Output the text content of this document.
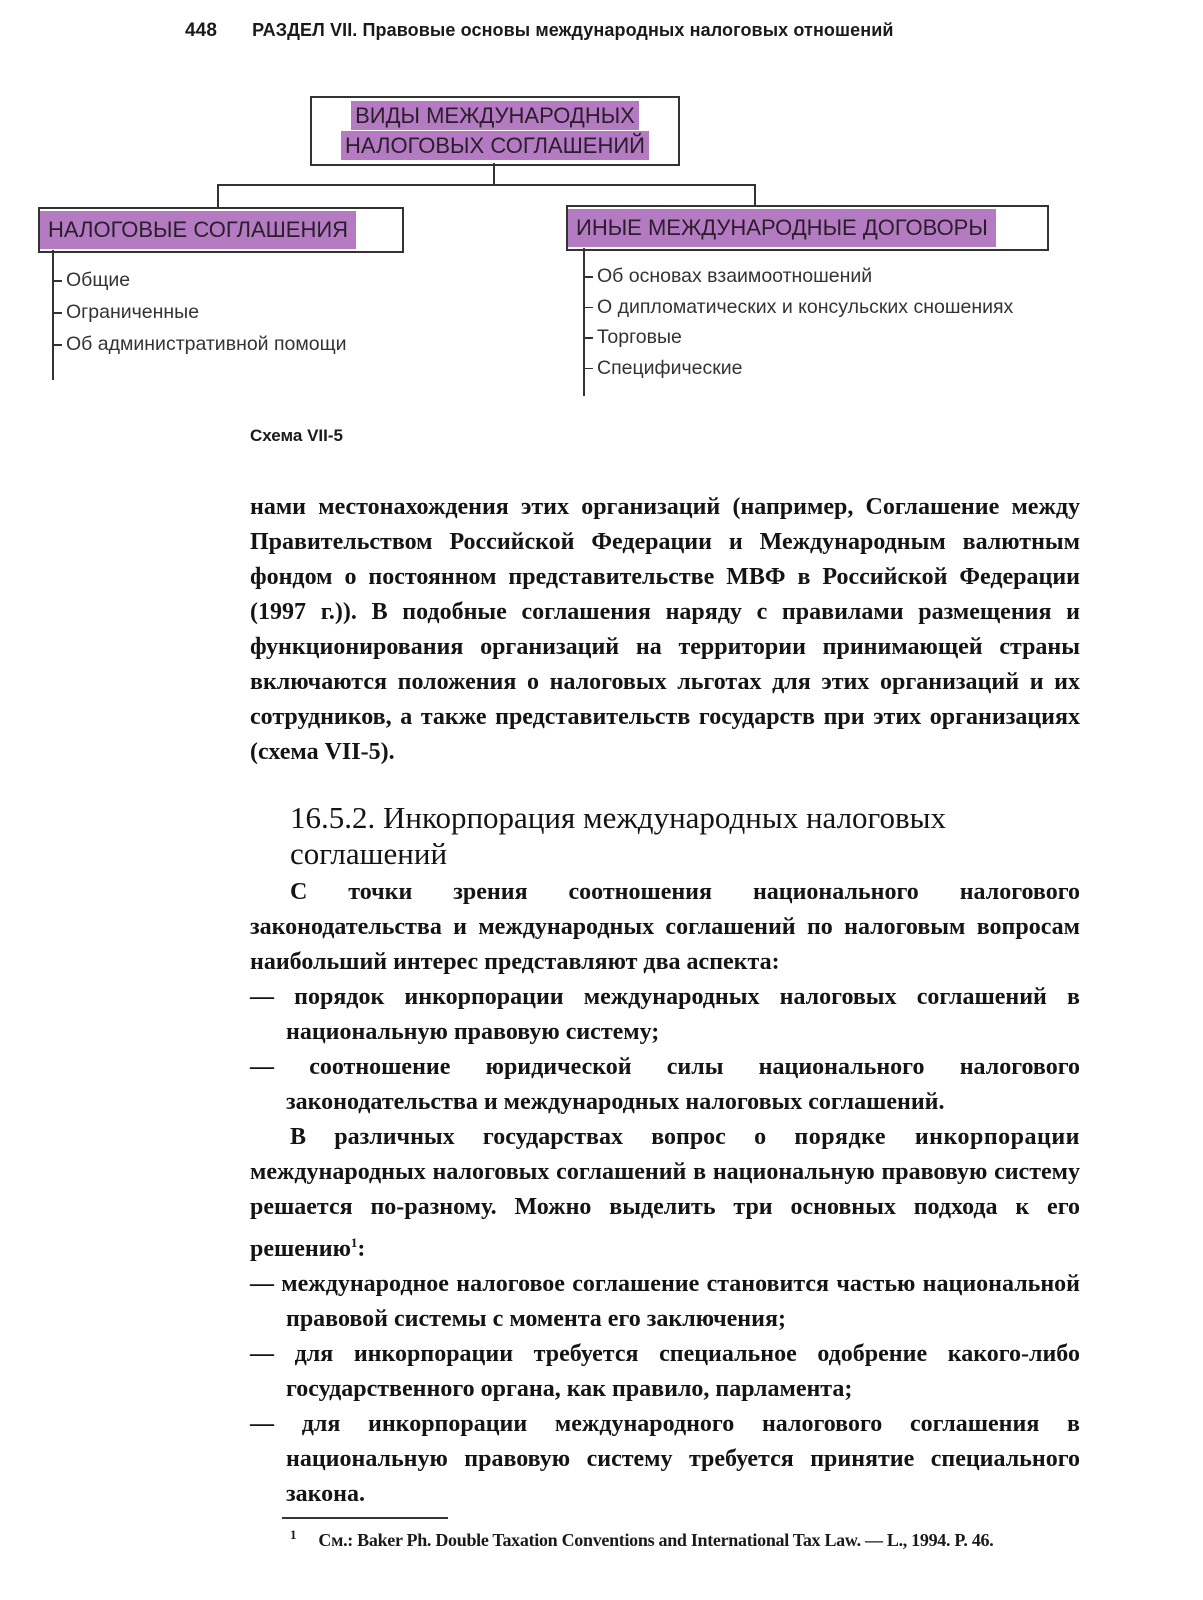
448 РАЗДЕЛ VII. Правовые основы международных налоговых отношений
ВИДЫ МЕЖДУНАРОДНЫХ
НАЛОГОВЫХ СОГЛАШЕНИЙ
НАЛОГОВЫЕ СОГЛАШЕНИЯ	ИНЫЕ МЕЖДУНАРОДНЫЕ ДОГОВОРЫ
Общие
Ограниченные
Об административной помощи
Об основах взаимоотношений
О дипломатических и консульских сношениях
Торговые
Специфические
Схема VII-5

нами местонахождения этих организаций (например, Соглашение между Правительством Российской Федерации и Международным валютным фондом о постоянном представительстве МВФ в Российской Федерации (1997 г.)). В подобные соглашения наряду с правилами размещения и функционирования организаций на территории принимающей страны включаются положения о налоговых льготах для этих организаций и их сотрудников, а также представительств государств при этих организациях (схема VII-5).

16.5.2. Инкорпорация международных налоговых соглашений

С точки зрения соотношения национального налогового законодательства и международных соглашений по налоговым вопросам наибольший интерес представляют два аспекта:

— порядок инкорпорации международных налоговых соглашений в национальную правовую систему;

— соотношение юридической силы национального налогового законодательства и международных налоговых соглашений.

В различных государствах вопрос о порядке инкорпорации международных налоговых соглашений в национальную правовую систему решается по-разному. Можно выделить три основных подхода к его решению$^1$:

— международное налоговое соглашение становится частью национальной правовой системы с момента его заключения;

— для инкорпорации требуется специальное одобрение какого-либо государственного органа, как правило, парламента;

— для инкорпорации международного налогового соглашения в национальную правовую систему требуется принятие специального закона.

$^1$ См.: Baker Ph. Double Taxation Conventions and International Tax Law. — L., 1994. P. 46.
